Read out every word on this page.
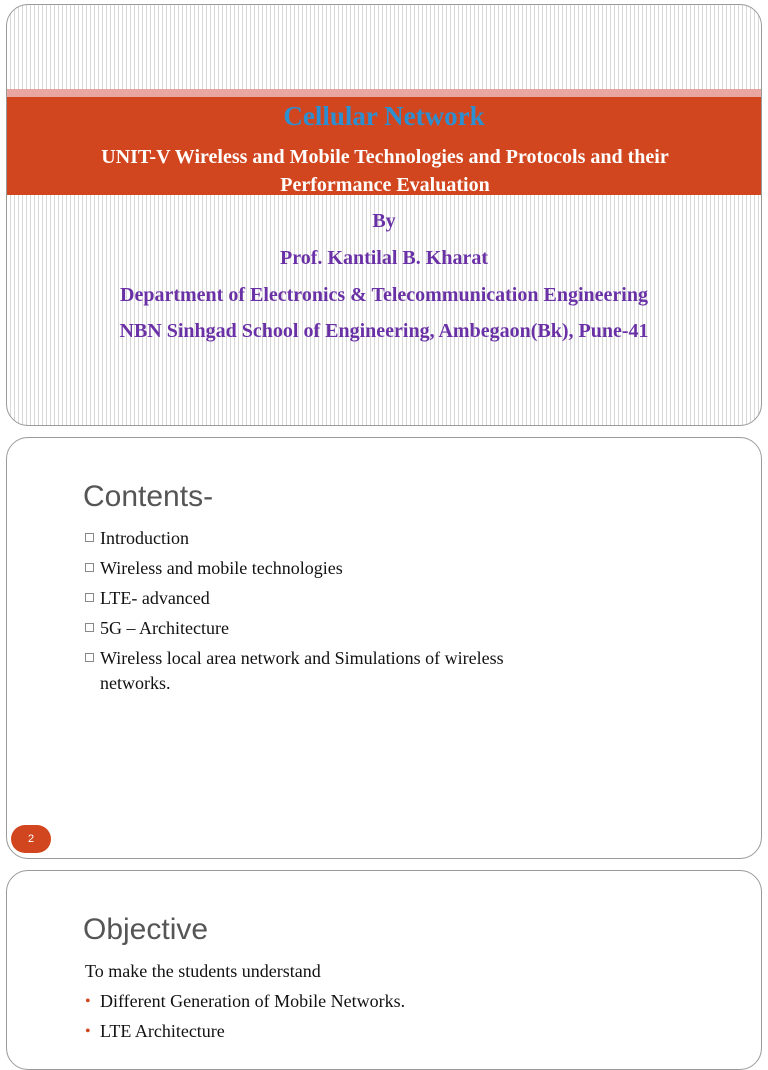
Cellular Network
UNIT-V Wireless and Mobile Technologies and Protocols and their Performance Evaluation
By
Prof. Kantilal B. Kharat
Department of Electronics & Telecommunication Engineering
NBN Sinhgad School of Engineering, Ambegaon(Bk), Pune-41
Contents-
Introduction
Wireless and mobile technologies
LTE- advanced
5G – Architecture
Wireless local area network and Simulations of wireless networks.
2
Objective
To make the students understand
• Different Generation of Mobile Networks.
• LTE Architecture
